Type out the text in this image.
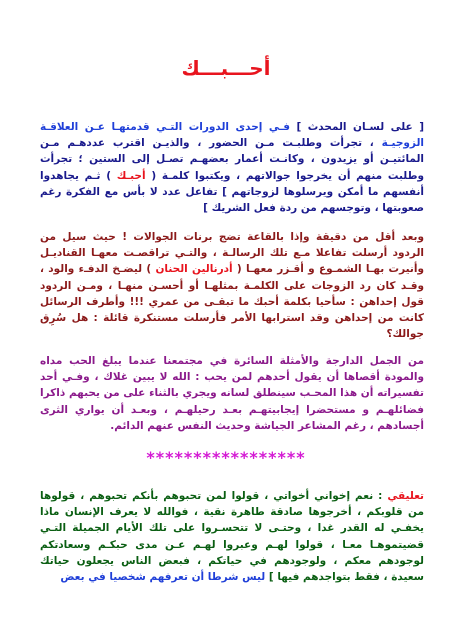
أحـــبـــك
[ على لسـان المحدث ] فـي إحدى الدورات التـي قدمتهـا عـن العلاقـة الزوجيـة ، تجرأت وطلبـت مـن الحضور ، والذيـن اقترب عددهـم مـن المائتيـن أو يزيدون ، وكانـت أعمار بعضهـم تصـل إلى الستين ؛ تجرأت وطلبت منهم أن يخرجوا جوالاتهم ، ويكتبوا كلمـة ( أحبـك ) ثـم يجاهدوا أنفسهم ما أمكن ويرسلوها لزوجاتهم ] تفاعل عدد لا بأس مع الفكرة رغم صعوبتها ، وتوجسهم من ردة فعل الشريك ]
وبعد أقل من دقيقة وإذا بالقاعة تضج برنات الجوالات ! حيث سيل من الردود أرسلت تفاعلا مـع تلك الرسالـة ، والتـي تراقصـت معهـا القناديـل وأنيرت بهـا الشمـوع و أقـزر معهـا ( أدرنالين الحنان ) ليضـخ الدفـء والود ، وقـد كان رد الزوجات على الكلمـة بمثلهـا أو أحسـن منهـا ، ومـن الردود قول إحداهن : سأحيا بكلمة أحبك ما تبقـى من عمري !!! وأطرف الرسائل كانت من إحداهن وقد استرابها الأمر فأرسلت مستنكرة قائلة : هل سُرِق جوالك؟
من الجمل الدارجة والأمثلة السائرة في مجتمعنا عندما يبلغ الحب مداه والمودة أقصاها أن يقول أحدهم لمن يحب : الله لا يبين غلاك ، وفـي أحد تفسيراته أن هذا المحـب سينطلق لسانه ويجري بالثناء على من يحبهم ذاكرا فضائلهـم و مستحضرا إيجابيتهـم بعـد رحيلهـم ، وبعـد أن يواري الثرى أجسادهم ، رغم المشاعر الجياشة وحديث النفس عنهم الدائم.
*****************
تعليقي : نعم إخواني أخواتي ، قولوا لمن تحبوهم بأنكم تحبوهم ، قولوها من قلوبكم ، أخرجوها صادقة طاهرة نقية ، فوالله لا يعرف الإنسان ماذا يخفـي له القدر غدا ، وحتـى لا تتحسـروا على تلك الأيام الجميلة التـي قضيتموهـا معـا ، قولوا لهـم وعبروا لهـم عـن مدى حبكـم وسعادتكم لوجودهم معكم ، ولوجودهم في حياتكم ، فبعض الناس يجعلون حياتك سعيدة ، فقط بتواجدهم فيها ] ليس شرطا أن تعرفهم شخصيا في بعض
